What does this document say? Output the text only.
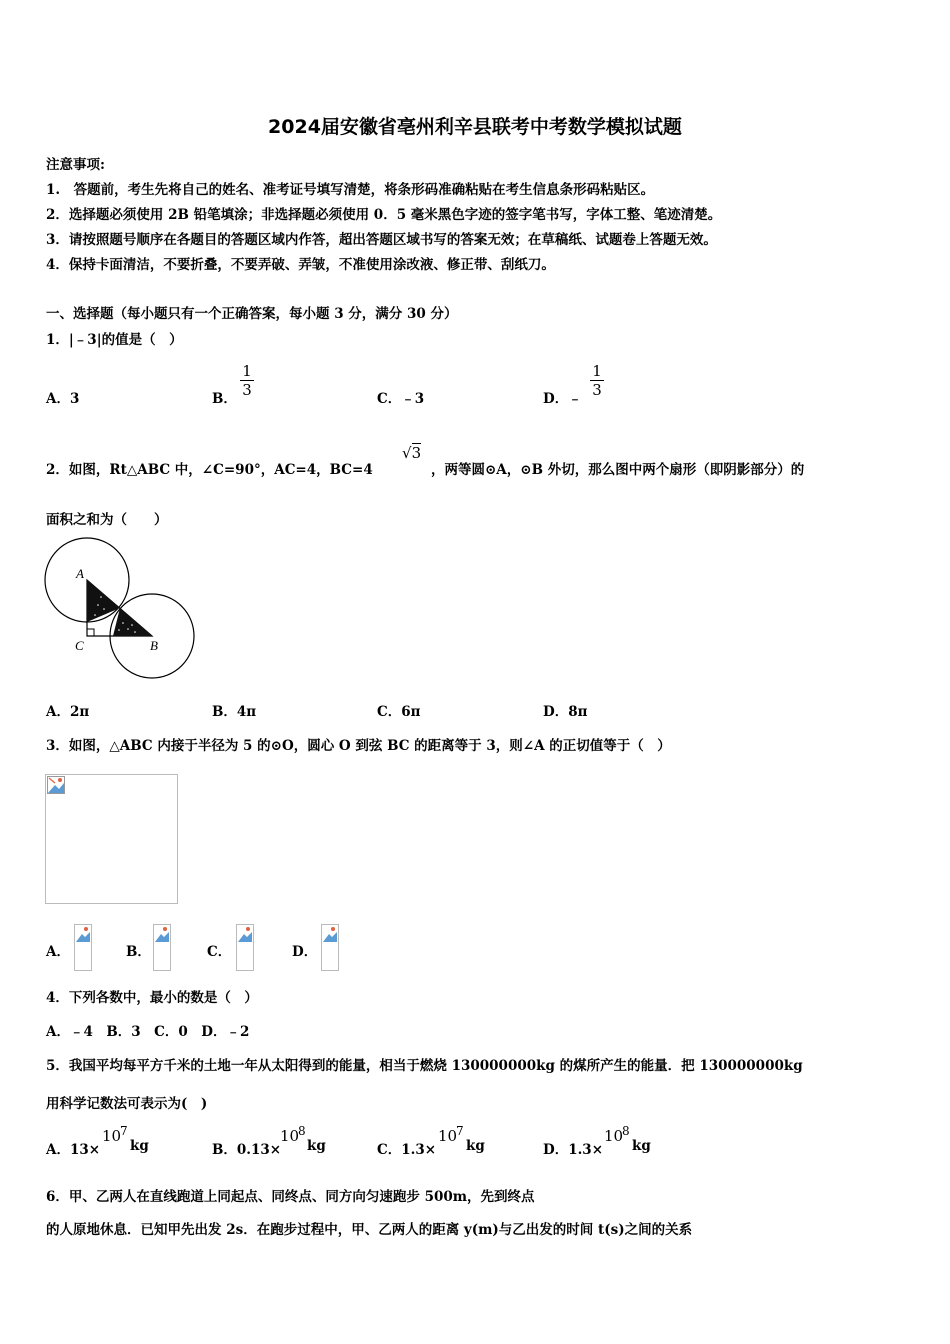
2024届安徽省亳州利辛县联考中考数学模拟试题
注意事项:
1.　答题前，考生先将自己的姓名、准考证号填写清楚，将条形码准确粘贴在考生信息条形码粘贴区。
2．选择题必须使用 2B 铅笔填涂；非选择题必须使用 0．5 毫米黑色字迹的签字笔书写，字体工整、笔迹清楚。
3．请按照题号顺序在各题目的答题区域内作答，超出答题区域书写的答案无效；在草稿纸、试题卷上答题无效。
4．保持卡面清洁，不要折叠，不要弄破、弄皱，不准使用涂改液、修正带、刮纸刀。
一、选择题（每小题只有一个正确答案，每小题 3 分，满分 30 分）
1．|﹣3|的值是（　）
A．3	B． $\frac{1}{3}$	C．﹣3	D．﹣ $\frac{1}{3}$
2．如图，Rt△ABC 中，∠C=90°，AC=4，BC=4
√3
，两等圆⊙A，⊙B 外切，那么图中两个扇形（即阴影部分）的
面积之和为（　　）
A
B
C
A．2π	B．4π	C．6π	D．8π
3．如图，△ABC 内接于半径为 5 的⊙O，圆心 O 到弦 BC 的距离等于 3，则∠A 的正切值等于（　）
A．	B．	C．	D．
4．下列各数中，最小的数是（　）
A．﹣4　B．3　C．0　D．﹣2
5．我国平均每平方千米的土地一年从太阳得到的能量，相当于燃烧 130000000kg 的煤所产生的能量．把 130000000kg
用科学记数法可表示为(　)
A．13×
10
7
kg	B．0.13×
10
8
kg	C．1.3×
10
7
kg	D．1.3×
10
8
kg
6．甲、乙两人在直线跑道上同起点、同终点、同方向匀速跑步 500m，先到终点
的人原地休息．已知甲先出发 2s．在跑步过程中，甲、乙两人的距离 y(m)与乙出发的时间 t(s)之间的关系
